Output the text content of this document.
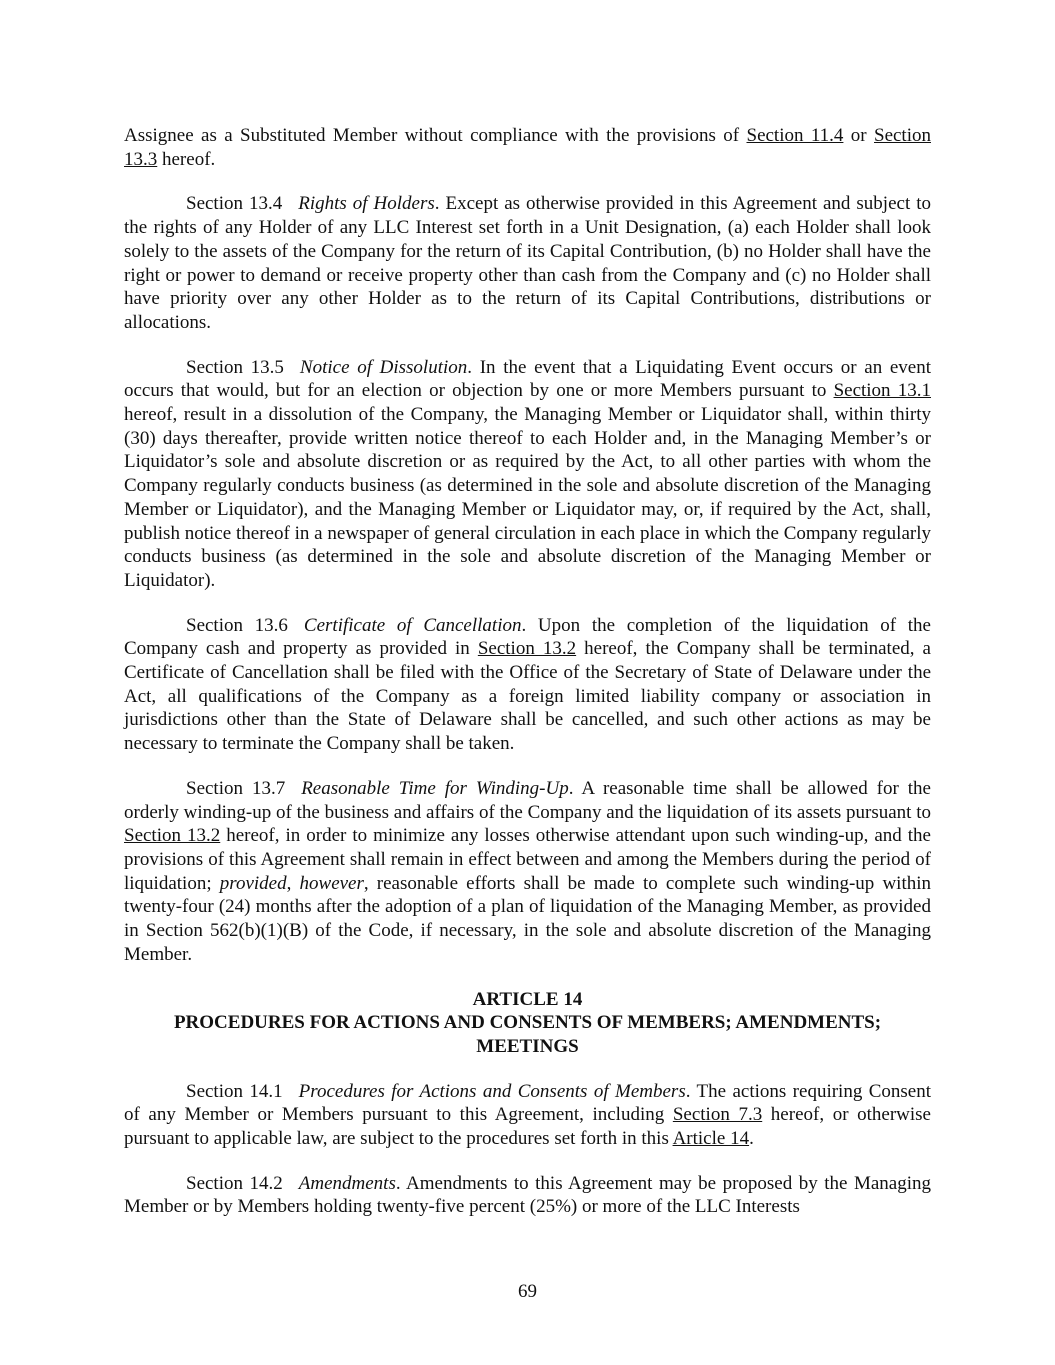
Assignee as a Substituted Member without compliance with the provisions of Section 11.4 or Section 13.3 hereof.

Section 13.4 Rights of Holders. Except as otherwise provided in this Agreement and subject to the rights of any Holder of any LLC Interest set forth in a Unit Designation, (a) each Holder shall look solely to the assets of the Company for the return of its Capital Contribution, (b) no Holder shall have the right or power to demand or receive property other than cash from the Company and (c) no Holder shall have priority over any other Holder as to the return of its Capital Contributions, distributions or allocations.

Section 13.5 Notice of Dissolution. In the event that a Liquidating Event occurs or an event occurs that would, but for an election or objection by one or more Members pursuant to Section 13.1 hereof, result in a dissolution of the Company, the Managing Member or Liquidator shall, within thirty (30) days thereafter, provide written notice thereof to each Holder and, in the Managing Member’s or Liquidator’s sole and absolute discretion or as required by the Act, to all other parties with whom the Company regularly conducts business (as determined in the sole and absolute discretion of the Managing Member or Liquidator), and the Managing Member or Liquidator may, or, if required by the Act, shall, publish notice thereof in a newspaper of general circulation in each place in which the Company regularly conducts business (as determined in the sole and absolute discretion of the Managing Member or Liquidator).

Section 13.6 Certificate of Cancellation. Upon the completion of the liquidation of the Company cash and property as provided in Section 13.2 hereof, the Company shall be terminated, a Certificate of Cancellation shall be filed with the Office of the Secretary of State of Delaware under the Act, all qualifications of the Company as a foreign limited liability company or association in jurisdictions other than the State of Delaware shall be cancelled, and such other actions as may be necessary to terminate the Company shall be taken.

Section 13.7 Reasonable Time for Winding-Up. A reasonable time shall be allowed for the orderly winding-up of the business and affairs of the Company and the liquidation of its assets pursuant to Section 13.2 hereof, in order to minimize any losses otherwise attendant upon such winding-up, and the provisions of this Agreement shall remain in effect between and among the Members during the period of liquidation; provided, however, reasonable efforts shall be made to complete such winding-up within twenty-four (24) months after the adoption of a plan of liquidation of the Managing Member, as provided in Section 562(b)(1)(B) of the Code, if necessary, in the sole and absolute discretion of the Managing Member.

ARTICLE 14
PROCEDURES FOR ACTIONS AND CONSENTS OF MEMBERS; AMENDMENTS;
MEETINGS

Section 14.1 Procedures for Actions and Consents of Members. The actions requiring Consent of any Member or Members pursuant to this Agreement, including Section 7.3 hereof, or otherwise pursuant to applicable law, are subject to the procedures set forth in this Article 14.

Section 14.2 Amendments. Amendments to this Agreement may be proposed by the Managing Member or by Members holding twenty-five percent (25%) or more of the LLC Interests

69
